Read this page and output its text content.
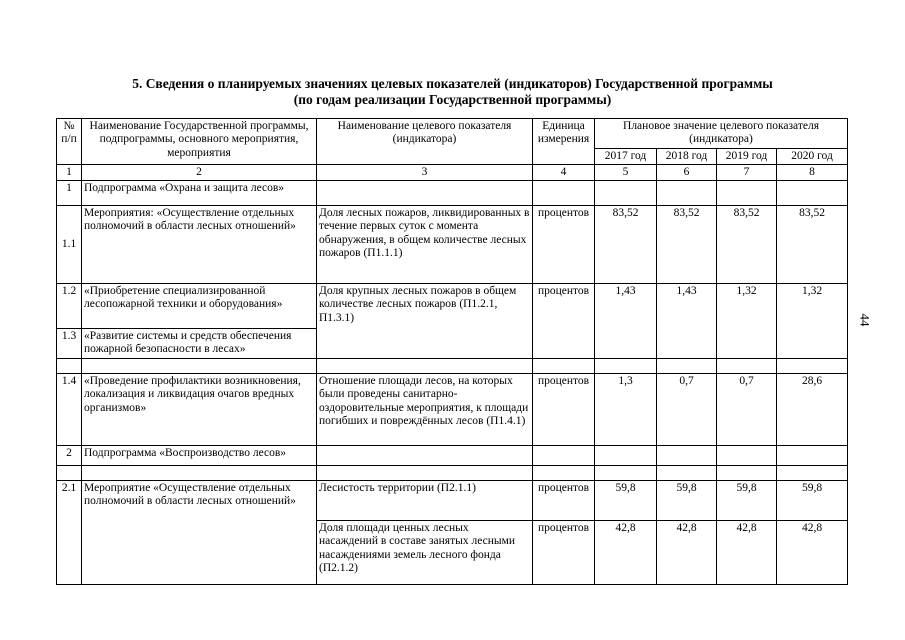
5. Сведения о планируемых значениях целевых показателей (индикаторов) Государственной программы
(по годам реализации Государственной программы)
44
№ п/п	Наименование Государственной программы, подпрограммы, основного мероприятия, мероприятия	Наименование целевого показателя (индикатора)	Единица измерения	Плановое значение целевого показателя (индикатора)			
				2017 год	2018 год	2019 год	2020 год
1	2	3	4	5	6	7	8
1	Подпрограмма «Охрана и защита лесов»						
1.1	Мероприятия: «Осуществление отдельных полномочий в области лесных отношений»	Доля лесных пожаров, ликвидированных в течение первых суток с момента обнаружения, в общем количестве лесных пожаров (П1.1.1)	процентов	83,52	83,52	83,52	83,52
1.2	«Приобретение специализированной лесопожарной техники и оборудования»	Доля крупных лесных пожаров в общем количестве лесных пожаров (П1.2.1, П1.3.1)	процентов	1,43	1,43	1,32	1,32
1.3	«Развитие системы и средств обеспечения пожарной безопасности в лесах»						

1.4	«Проведение профилактики возникновения, локализация и ликвидация очагов вредных организмов»	Отношение площади лесов, на которых были проведены санитарно-оздоровительные мероприятия, к площади погибших и повреждённых лесов (П1.4.1)	процентов	1,3	0,7	0,7	28,6
2	Подпрограмма «Воспроизводство лесов»						

2.1	Мероприятие «Осуществление отдельных полномочий в области лесных отношений»	Лесистость территории (П2.1.1)	процентов	59,8	59,8	59,8	59,8
		Доля площади ценных лесных насаждений в составе занятых лесными насаждениями земель лесного фонда (П2.1.2)	процентов	42,8	42,8	42,8	42,8
